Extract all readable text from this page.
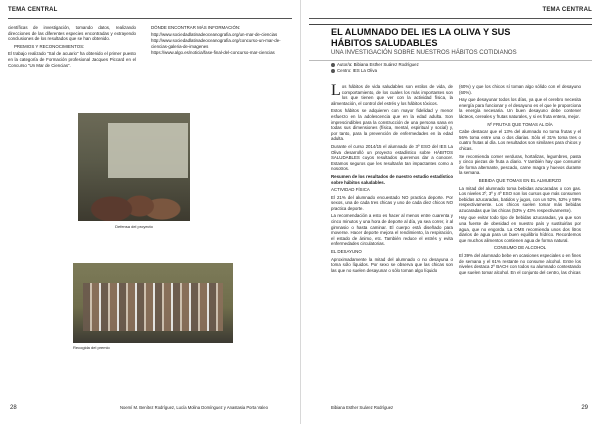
TEMA CENTRAL

científicas de investigación, tomando datos, realizando direcciones de las diferentes especies encontradas y extrayendo conclusiones de los resultados que se han obtenido.

PREMIOS Y RECONOCIMIENTOS:

El trabajo realizado “Sal de acuario” ha obtenido el primer puesto en la categoría de Formación profesional Jacques Piccard en el Concurso “Un Mar de Ciencias”.

DÓNDE ENCONTRAR MÁS INFORMACIÓN:
http://www.sociedadlatinadeoceanografia.org/un-mar-de-ciencias
http://www.sociedadlatinadeoceanografia.org/concurso-un-mar-de-ciencias-galeria-de-imagenes
https://www.algo.es/noticia/fase-final-del-concurso-mar-ciencias
Defensa del proyecto
Recogida del premio
28	Noemí M. Benítez Rodríguez, Lucía Molina Domínguez y Anastasia Porta Valeo
TEMA CENTRAL
EL ALUMNADO DEL IES LA OLIVA Y SUS HÁBITOS SALUDABLES
UNA INVESTIGACIÓN SOBRE NUESTROS HÁBITOS COTIDIANOS
Autor/a: Bibiana Esther Suárez Rodríguez
Centro: IES La Oliva

Los hábitos de vida saludables son estilos de vida, de comportamiento, de los cuales los más importantes son los que tienen que ver con la actividad física, la alimentación, el control del estrés y los hábitos tóxicos.

Estos hábitos se adquieren con mayor fidelidad y menor esfuerzo en la adolescencia que en la edad adulta. Son imprescindibles para la construcción de una persona sana en todas sus dimensiones (física, mental, espiritual y social) y, por tanto, para la prevención de enfermedades en la edad adulta.

Durante el curso 2014/15 el alumnado de 3º ESO del IES La Oliva desarrolló un proyecto estadístico sobre HÁBITOS SALUDABLES cuyos resultados queremos dar a conocer. Estamos seguros que les resultarán tan impactantes como a nosotros.

Resumen de los resultados de nuestro estudio estadístico sobre hábitos saludables.

ACTIVIDAD FÍSICA

El 21% del alumnado encuestado NO practica deporte. Por sexos, una de cada tres chicas y uno de cada diez chicos NO practica deporte.

La recomendación a esto es hacer al menos entre cuarenta y cinco minutos y una hora de deporte al día, ya sea correr, ir al gimnasio o hasta caminar. El cuerpo está diseñado para moverse. Hacer deporte mejora el rendimiento, la respiración, el estado de ánimo, etc. También reduce el estrés y evita enfermedades circulatorias.

EL DESAYUNO

Aproximadamente la mitad del alumnado o no desayuna o toma sólo líquidos. Por sexo se observa que las chicas son las que no suelen desayunar o sólo toman algo líquido

(60%) y que los chicos sí toman algo sólido con el desayuno (60%).

Hay que desayunar todos los días, ya que el cerebro necesita energía para funcionar y el desayuno es el que le proporciona la energía necesaria. Un buen desayuno debe contener lácteos, cereales y frutas naturales, y si es fruta entera, mejor.

Nº FRUTAS QUE TOMAS AL DÍA

Cabe destacar que el 13% del alumnado no toma frutas y el 56% toma entre una o dos diarias. Sólo el 31% toma tres o cuatro frutas al día. Los resultados son similares para chicos y chicas.

Se recomienda comer verduras, hortalizas, legumbres, pasta y cinco piezas de fruta a diario. Y también hay que consumir de forma alternante, pescado, carne magra y huevos durante la semana.

BEBIDA QUE TOMAS EN EL ALMUERZO

La mitad del alumnado toma bebidas azucaradas o con gas. Los niveles 2º, 3º y 4º ESO son los cursos que más consumen bebidas azucaradas, batidos y jugos, con un 52%, 52% y 59% respectivamente. Los chicos suelen tomar más bebidas azucaradas que las chicas (53% y 43% respectivamente).

Hay que evitar todo tipo de bebidas azucaradas, ya que son una fuente de obesidad en nuestro país y sustituirlas por agua, que no engorda. La OMS recomienda unos dos litros diarios de agua para un buen equilibrio hídrico. Recordemos que muchos alimentos contienen agua de forma natural.

CONSUMO DE ALCOHOL

El 39% del alumnado bebe en ocasiones especiales o en fines de semana y el 61% restante no consume alcohol. Entre los niveles destaca 2º BACH con todos su alumnado contestando que suelen tomar alcohol. En el conjunto del centro, las chicas

Bibiana Esther Suárez Rodríguez	29
